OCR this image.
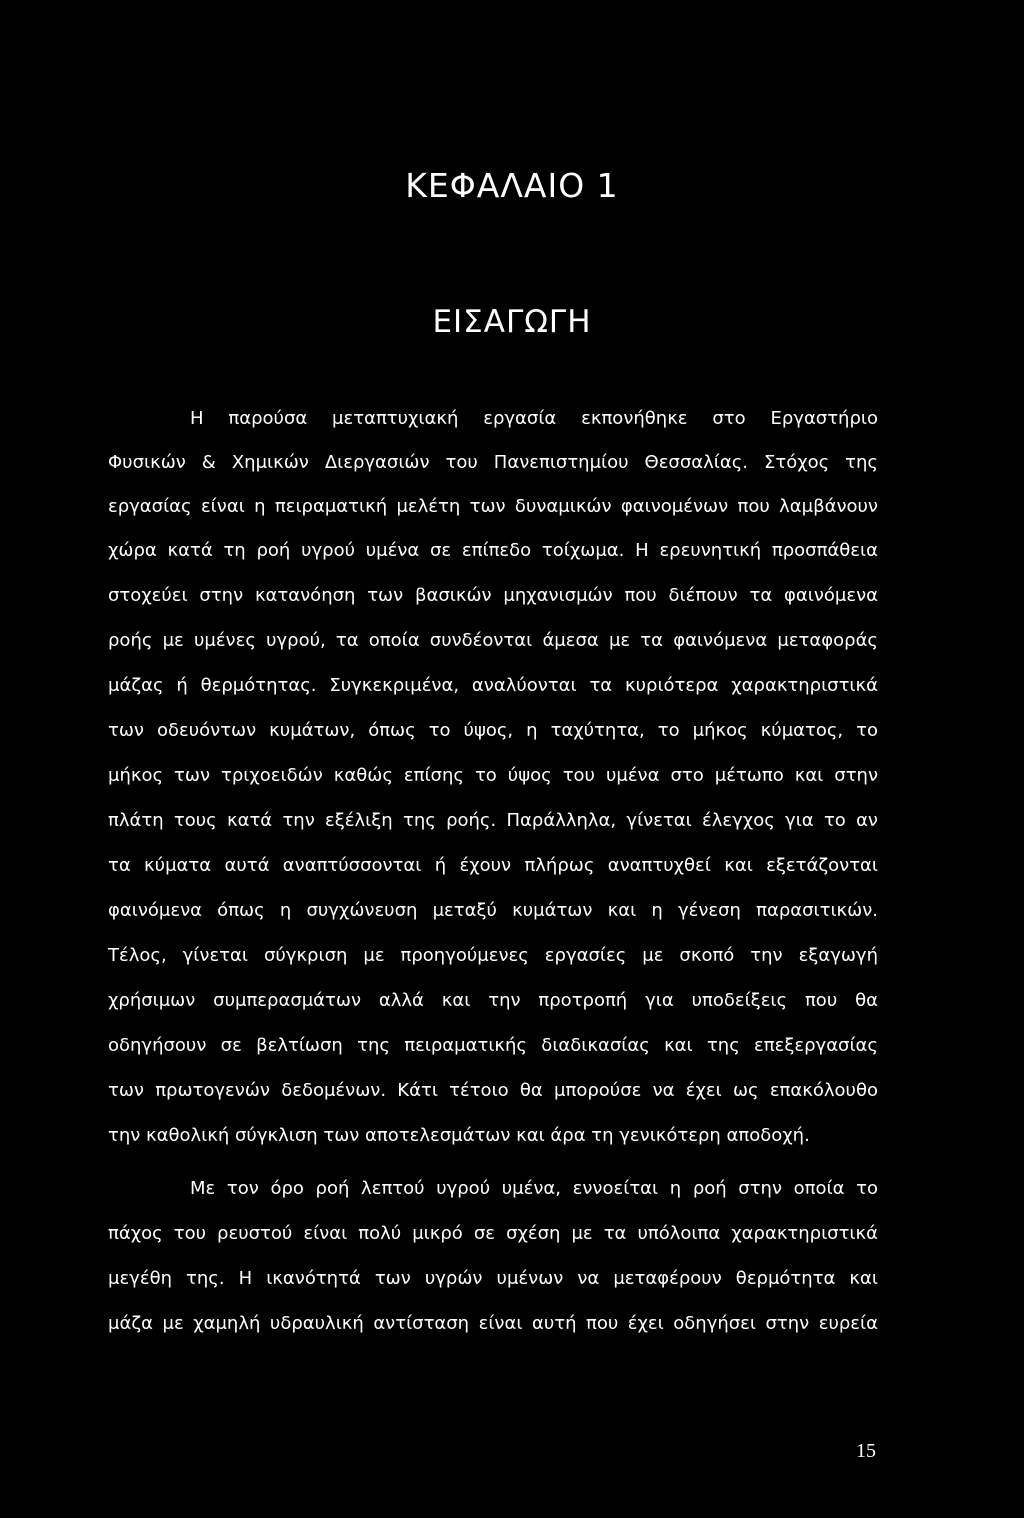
ΚΕΦΑΛΑΙΟ 1
ΕΙΣΑΓΩΓΗ
Η παρούσα μεταπτυχιακή εργασία εκπονήθηκε στο Εργαστήριο
Φυσικών & Χημικών Διεργασιών του Πανεπιστημίου Θεσσαλίας. Στόχος της
εργασίας είναι η πειραματική μελέτη των δυναμικών φαινομένων που λαμβάνουν
χώρα κατά τη ροή υγρού υμένα σε επίπεδο τοίχωμα. Η ερευνητική προσπάθεια
στοχεύει στην κατανόηση των βασικών μηχανισμών που διέπουν τα φαινόμενα
ροής με υμένες υγρού, τα οποία συνδέονται άμεσα με τα φαινόμενα μεταφοράς
μάζας ή θερμότητας. Συγκεκριμένα, αναλύονται τα κυριότερα χαρακτηριστικά
των οδευόντων κυμάτων, όπως το ύψος, η ταχύτητα, το μήκος κύματος, το
μήκος των τριχοειδών καθώς επίσης το ύψος του υμένα στο μέτωπο και στην
πλάτη τους κατά την εξέλιξη της ροής. Παράλληλα, γίνεται έλεγχος για το αν
τα κύματα αυτά αναπτύσσονται ή έχουν πλήρως αναπτυχθεί και εξετάζονται
φαινόμενα όπως η συγχώνευση μεταξύ κυμάτων και η γένεση παρασιτικών.
Τέλος, γίνεται σύγκριση με προηγούμενες εργασίες με σκοπό την εξαγωγή
χρήσιμων συμπερασμάτων αλλά και την προτροπή για υποδείξεις που θα
οδηγήσουν σε βελτίωση της πειραματικής διαδικασίας και της επεξεργασίας
των πρωτογενών δεδομένων. Κάτι τέτοιο θα μπορούσε να έχει ως επακόλουθο
την καθολική σύγκλιση των αποτελεσμάτων και άρα τη γενικότερη αποδοχή.
Με τον όρο ροή λεπτού υγρού υμένα, εννοείται η ροή στην οποία το
πάχος του ρευστού είναι πολύ μικρό σε σχέση με τα υπόλοιπα χαρακτηριστικά
μεγέθη της. Η ικανότητά των υγρών υμένων να μεταφέρουν θερμότητα και
μάζα με χαμηλή υδραυλική αντίσταση είναι αυτή που έχει οδηγήσει στην ευρεία
15
